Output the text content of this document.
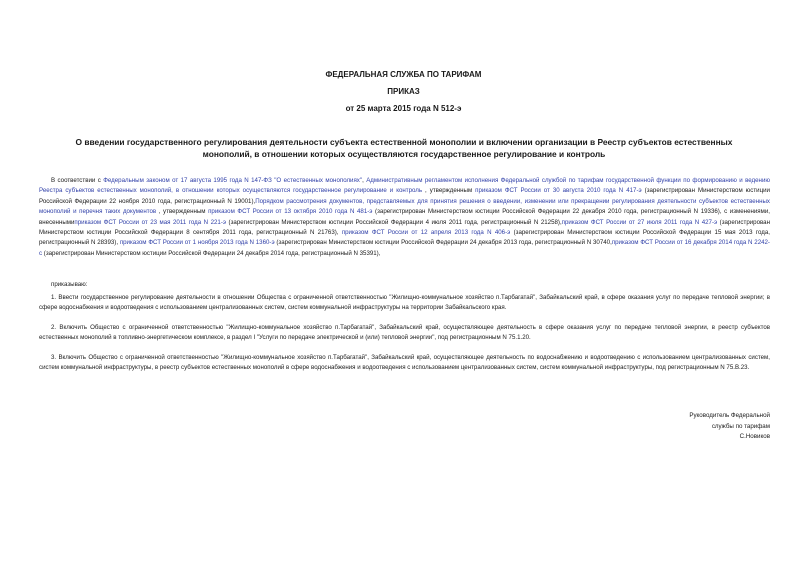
ФЕДЕРАЛЬНАЯ СЛУЖБА ПО ТАРИФАМ
ПРИКАЗ
от 25 марта 2015 года N 512-э
О введении государственного регулирования деятельности субъекта естественной монополии и включении организации в Реестр субъектов естественных монополий, в отношении которых осуществляются государственное регулирование и контроль
В соответствии с Федеральным законом от 17 августа 1995 года N 147-ФЗ "О естественных монополиях", Административным регламентом исполнения Федеральной службой по тарифам государственной функции по формированию и ведению Реестра субъектов естественных монополий, в отношении которых осуществляются государственное регулирование и контроль , утвержденным приказом ФСТ России от 30 августа 2010 года N 417-э (зарегистрирован Министерством юстиции Российской Федерации 22 ноября 2010 года, регистрационный N 19001),Порядком рассмотрения документов, представляемых для принятия решения о введении, изменении или прекращении регулирования деятельности субъектов естественных монополий и перечня таких документов , утвержденным приказом ФСТ России от 13 октября 2010 года N 481-э (зарегистрирован Министерством юстиции Российской Федерации 22 декабря 2010 года, регистрационный N 19336), с изменениями, внесеннымиприказом ФСТ России от 23 мая 2011 года N 221-э (зарегистрирован Министерством юстиции Российской Федерации 4 июля 2011 года, регистрационный N 21258),приказом ФСТ России от 27 июля 2011 года N 427-э (зарегистрирован Министерством юстиции Российской Федерации 8 сентября 2011 года, регистрационный N 21763), приказом ФСТ России от 12 апреля 2013 года N 406-э (зарегистрирован Министерством юстиции Российской Федерации 15 мая 2013 года, регистрационный N 28393), приказом ФСТ России от 1 ноября 2013 года N 1360-э (зарегистрирован Министерством юстиции Российской Федерации 24 декабря 2013 года, регистрационный N 30740,приказом ФСТ России от 16 декабря 2014 года N 2242-с (зарегистрирован Министерством юстиции Российской Федерации 24 декабря 2014 года, регистрационный N 35391),
приказываю:
1. Ввести государственное регулирование деятельности в отношении Общества с ограниченной ответственностью "Жилищно-коммунальное хозяйство п.Тарбагатай", Забайкальский край, в сфере оказания услуг по передаче тепловой энергии; в сфере водоснабжения и водоотведения с использованием централизованных систем, систем коммунальной инфраструктуры на территории Забайкальского края.
2. Включить Общество с ограниченной ответственностью "Жилищно-коммунальное хозяйство п.Тарбагатай", Забайкальский край, осуществляющее деятельность в сфере оказания услуг по передаче тепловой энергии, в реестр субъектов естественных монополий в топливно-энергетическом комплексе, в раздел I "Услуги по передаче электрической и (или) тепловой энергии", под регистрационным N 75.1.20.
3. Включить Общество с ограниченной ответственностью "Жилищно-коммунальное хозяйство п.Тарбагатай", Забайкальский край, осуществляющее деятельность по водоснабжению и водоотведению с использованием централизованных систем, систем коммунальной инфраструктуры, в реестр субъектов естественных монополий в сфере водоснабжения и водоотведения с использованием централизованных систем, систем коммунальной инфраструктуры, под регистрационным N 75.В.23.
Руководитель Федеральной
службы по тарифам
С.Новиков
